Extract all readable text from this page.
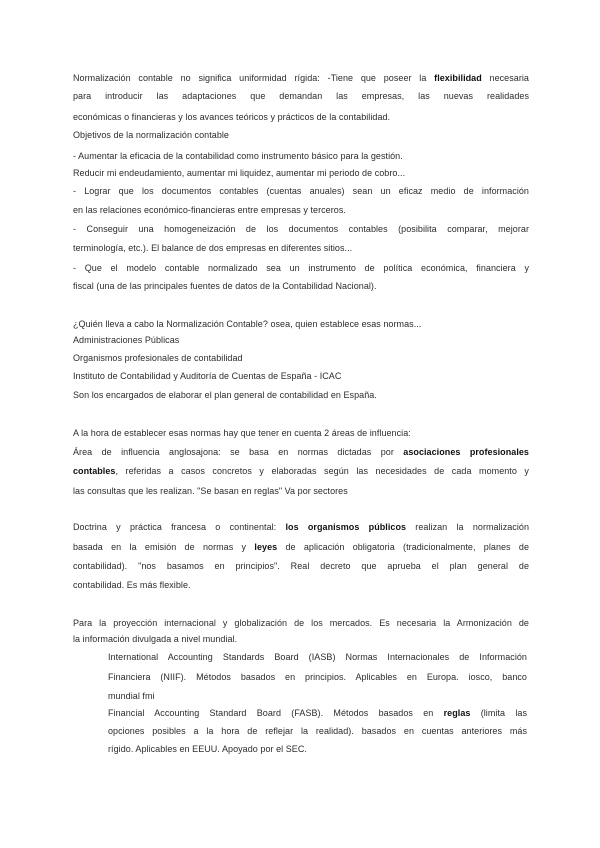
Normalización contable no significa uniformidad rígida: -Tiene que poseer la flexibilidad necesaria
para introducir las adaptaciones que demandan las empresas, las nuevas realidades
económicas o financieras y los avances teóricos y prácticos de la contabilidad.
Objetivos de la normalización contable
- Aumentar la eficacia de la contabilidad como instrumento básico para la gestión.
Reducir mi endeudamiento, aumentar mi liquidez, aumentar mi periodo de cobro...
- Lograr que los documentos contables (cuentas anuales) sean un eficaz medio de información
en las relaciones económico-financieras entre empresas y terceros.
- Conseguir una homogeneización de los documentos contables (posibilita comparar, mejorar
terminología, etc.). El balance de dos empresas en diferentes sitios...
- Que el modelo contable normalizado sea un instrumento de política económica, financiera y
fiscal (una de las principales fuentes de datos de la Contabilidad Nacional).
¿Quién lleva a cabo la Normalización Contable? osea, quien establece esas normas...
Administraciones Públicas
Organismos profesionales de contabilidad
Instituto de Contabilidad y Auditoría de Cuentas de España - ICAC
Son los encargados de elaborar el plan general de contabilidad en España.
A la hora de establecer esas normas hay que tener en cuenta 2 áreas de influencia:
Área de influencia anglosajona: se basa en normas dictadas por asociaciones profesionales
contables, referidas a casos concretos y elaboradas según las necesidades de cada momento y
las consultas que les realizan. "Se basan en reglas" Va por sectores
Doctrina y práctica francesa o continental: los organismos públicos realizan la normalización
basada en la emisión de normas y leyes de aplicación obligatoria (tradicionalmente, planes de
contabilidad). "nos basamos en principios". Real decreto que aprueba el plan general de
contabilidad. Es más flexible.
Para la proyección internacional y globalización de los mercados. Es necesaria la Armonización de
la información divulgada a nivel mundial.
International Accounting Standards Board (IASB) Normas Internacionales de Información
Financiera (NIIF). Métodos basados en principios. Aplicables en Europa. iosco, banco
mundial fmi
Financial Accounting Standard Board (FASB). Métodos basados en reglas (limita las
opciones posibles a la hora de reflejar la realidad). basados en cuentas anteriores más
rígido. Aplicables en EEUU. Apoyado por el SEC.
